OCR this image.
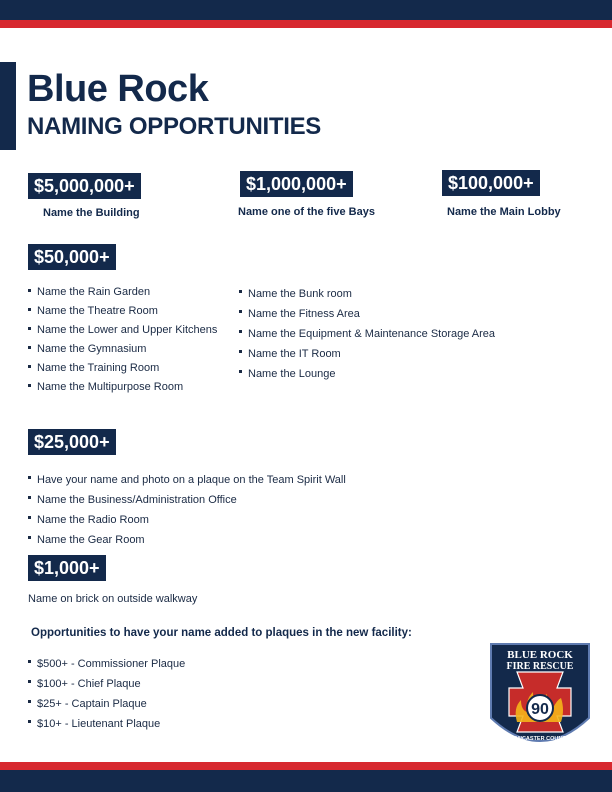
Blue Rock
NAMING OPPORTUNITIES
$5,000,000+
Name the Building
$1,000,000+
Name one of the five Bays
$100,000+
Name the Main Lobby
$50,000+
Name the Rain Garden
Name the Theatre Room
Name the Lower and Upper Kitchens
Name the Gymnasium
Name the Training Room
Name the Multipurpose Room
Name the Bunk room
Name the Fitness Area
Name the Equipment & Maintenance Storage Area
Name the IT Room
Name the Lounge
$25,000+
Have your name and photo on a plaque on the Team Spirit Wall
Name the Business/Administration Office
Name the Radio Room
Name the Gear Room
$1,000+
Name on brick on outside walkway
Opportunities to have your name added to plaques in the new facility:
$500+ - Commissioner Plaque
$100+ - Chief Plaque
$25+ - Captain Plaque
$10+ - Lieutenant Plaque
90
BLUE ROCK
FIRE RESCUE
LANCASTER COUNTY
PENNSYLVANIA
